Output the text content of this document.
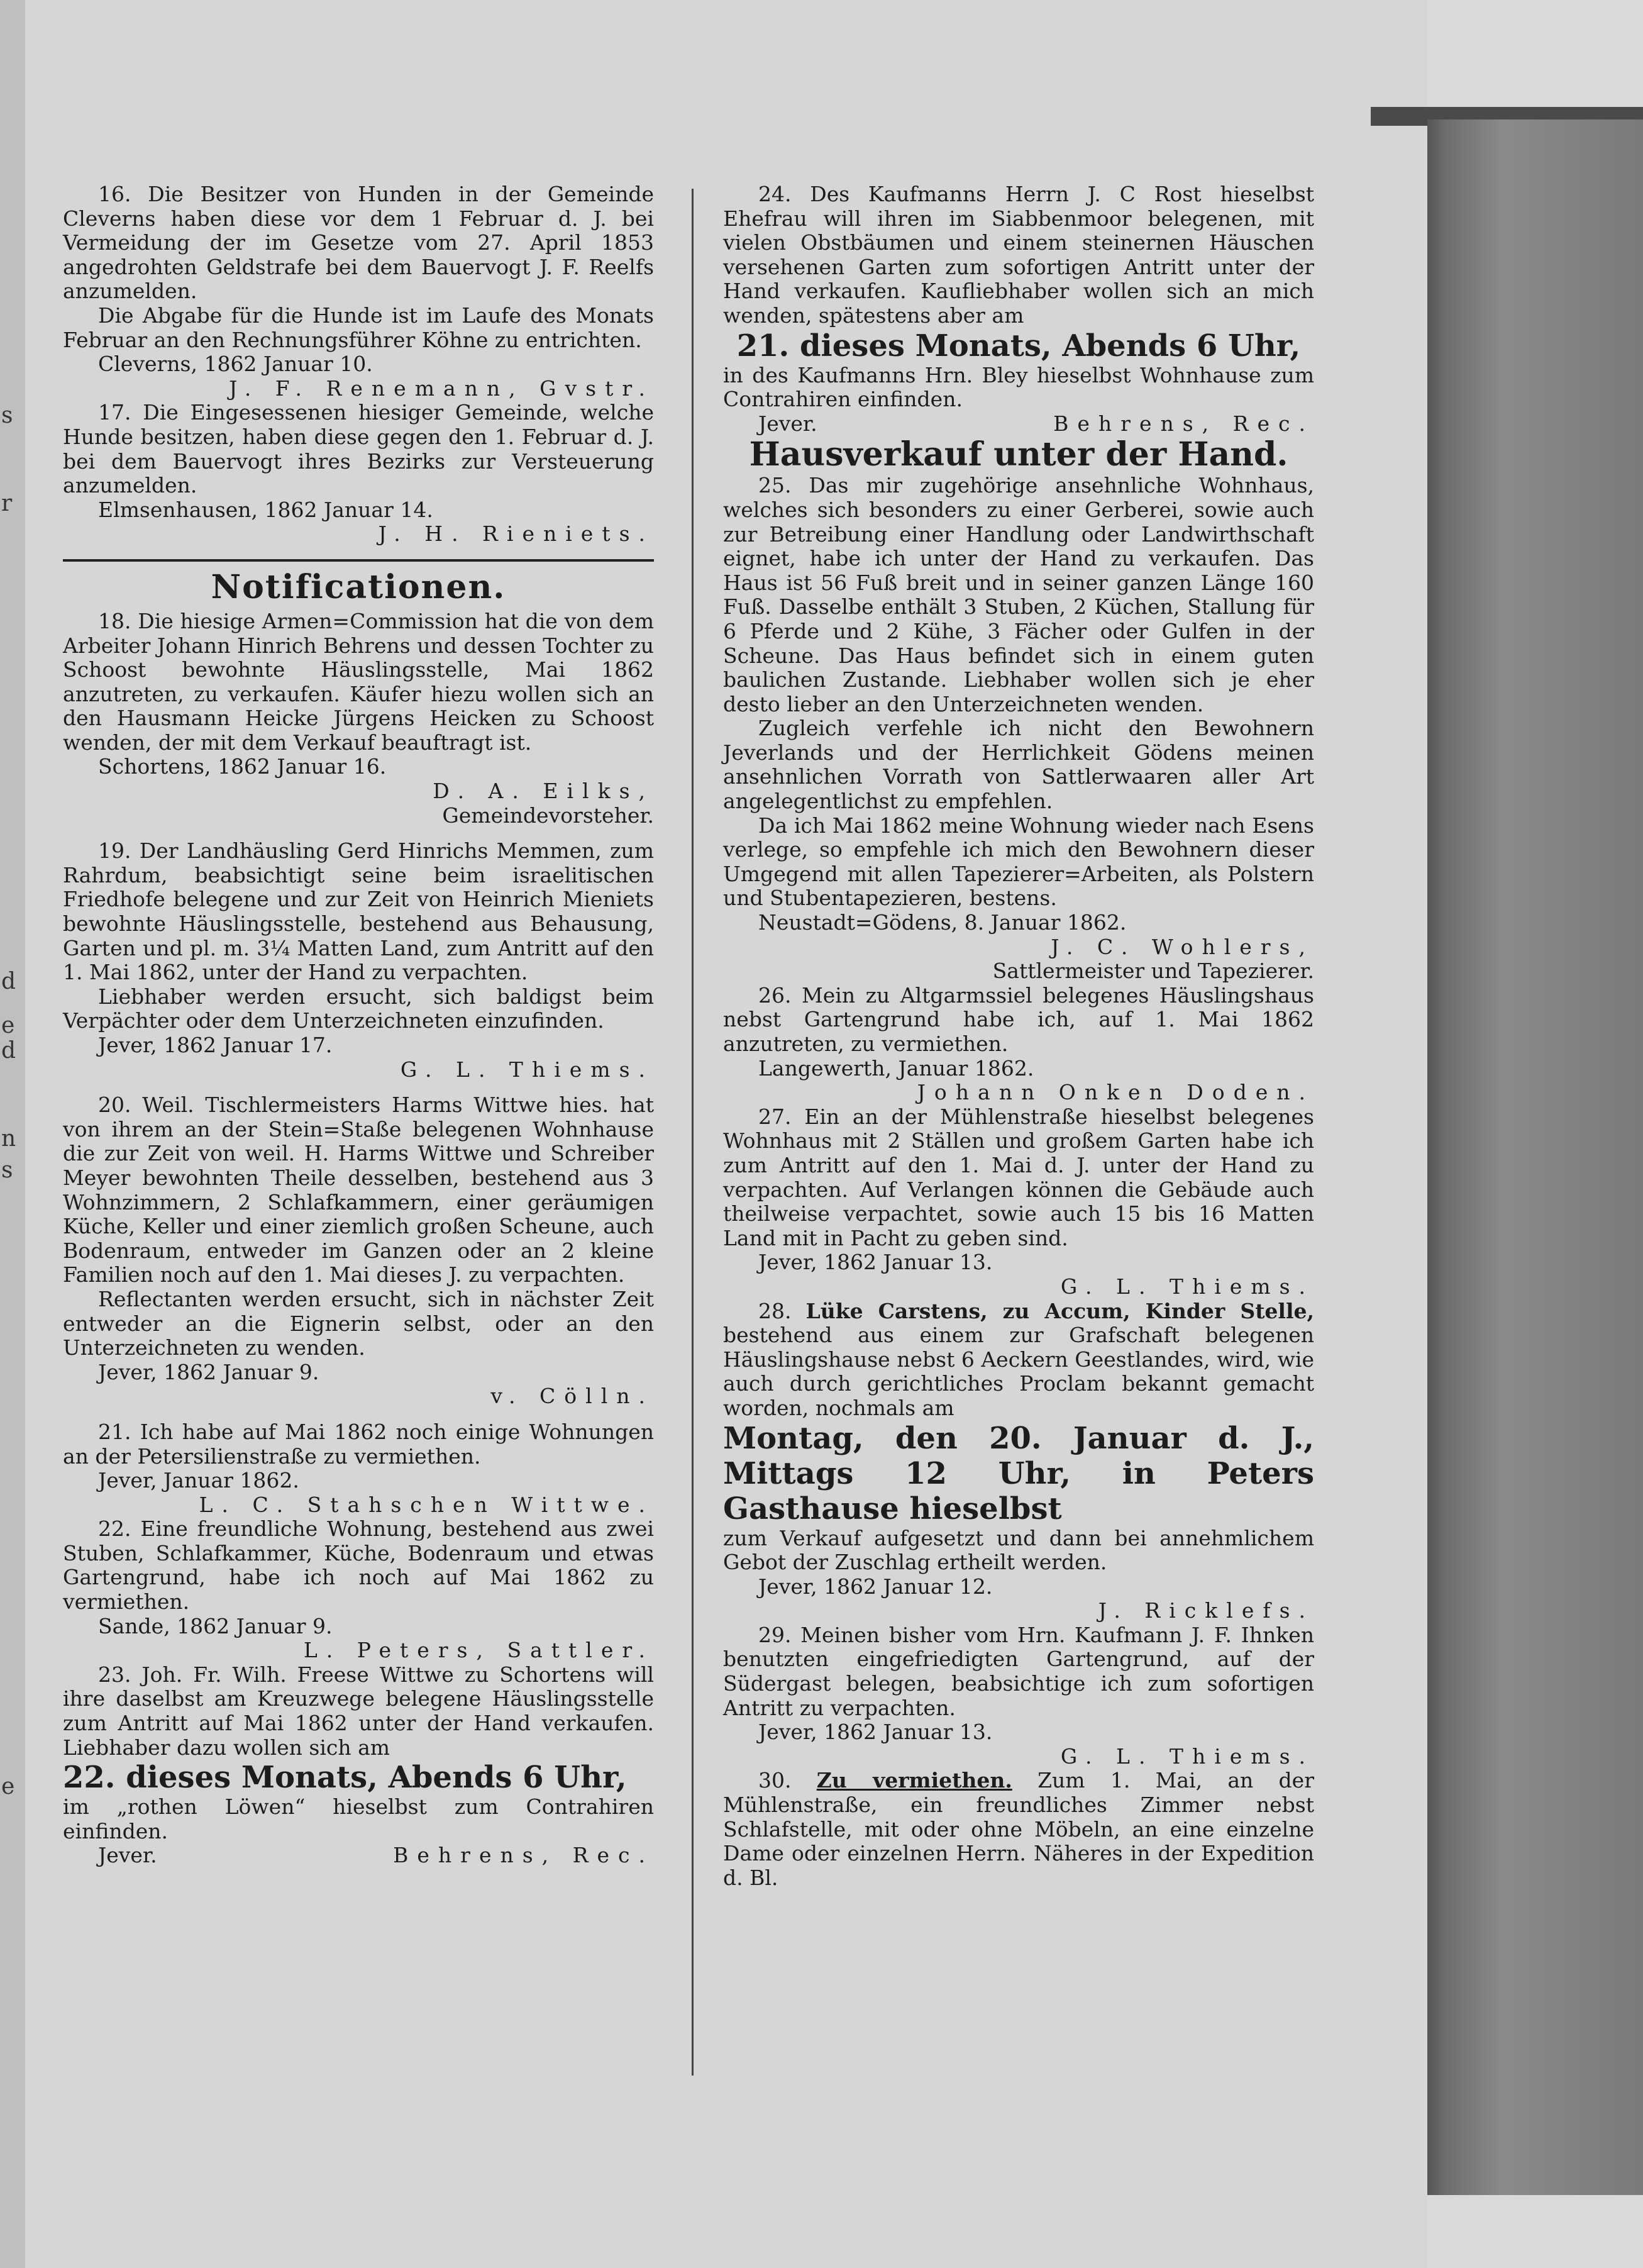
s
r
d
e
d
n
s
e

16. Die Besitzer von Hunden in der Gemeinde Cleverns haben diese vor dem 1 Februar d. J. bei Vermeidung der im Gesetze vom 27. April 1853 angedrohten Geldstrafe bei dem Bauervogt J. F. Reelfs anzumelden.

Die Abgabe für die Hunde ist im Laufe des Monats Februar an den Rechnungsführer Köhne zu entrichten.

Cleverns, 1862 Januar 10.

J. F. Renemann, Gvstr.

17. Die Eingesessenen hiesiger Gemeinde, welche Hunde besitzen, haben diese gegen den 1. Februar d. J. bei dem Bauervogt ihres Bezirks zur Versteuerung anzumelden.

Elmsenhausen, 1862 Januar 14.

J. H. Rieniets.

Notificationen.

18. Die hiesige Armen=Commission hat die von dem Arbeiter Johann Hinrich Behrens und dessen Tochter zu Schoost bewohnte Häuslingsstelle, Mai 1862 anzutreten, zu verkaufen. Käufer hiezu wollen sich an den Hausmann Heicke Jürgens Heicken zu Schoost wenden, der mit dem Verkauf beauftragt ist.

Schortens, 1862 Januar 16.

D. A. Eilks,

Gemeindevorsteher.

19. Der Landhäusling Gerd Hinrichs Memmen, zum Rahrdum, beabsichtigt seine beim israelitischen Friedhofe belegene und zur Zeit von Heinrich Mieniets bewohnte Häuslingsstelle, bestehend aus Behausung, Garten und pl. m. 3¼ Matten Land, zum Antritt auf den 1. Mai 1862, unter der Hand zu verpachten.

Liebhaber werden ersucht, sich baldigst beim Verpächter oder dem Unterzeichneten einzufinden.

Jever, 1862 Januar 17.

G. L. Thiems.

20. Weil. Tischlermeisters Harms Wittwe hies. hat von ihrem an der Stein=Staße belegenen Wohnhause die zur Zeit von weil. H. Harms Wittwe und Schreiber Meyer bewohnten Theile desselben, bestehend aus 3 Wohnzimmern, 2 Schlafkammern, einer geräumigen Küche, Keller und einer ziemlich großen Scheune, auch Bodenraum, entweder im Ganzen oder an 2 kleine Familien noch auf den 1. Mai dieses J. zu verpachten.

Reflectanten werden ersucht, sich in nächster Zeit entweder an die Eignerin selbst, oder an den Unterzeichneten zu wenden.

Jever, 1862 Januar 9.

v. Cölln.

21. Ich habe auf Mai 1862 noch einige Wohnungen an der Petersilienstraße zu vermiethen.

Jever, Januar 1862.

L. C. Stahschen Wittwe.

22. Eine freundliche Wohnung, bestehend aus zwei Stuben, Schlafkammer, Küche, Bodenraum und etwas Gartengrund, habe ich noch auf Mai 1862 zu vermiethen.

Sande, 1862 Januar 9.

L. Peters, Sattler.

23. Joh. Fr. Wilh. Freese Wittwe zu Schortens will ihre daselbst am Kreuzwege belegene Häuslingsstelle zum Antritt auf Mai 1862 unter der Hand verkaufen. Liebhaber dazu wollen sich am

22. dieses Monats, Abends 6 Uhr,

im „rothen Löwen“ hieselbst zum Contrahiren einfinden.

Jever.	Behrens, Rec.

24. Des Kaufmanns Herrn J. C Rost hieselbst Ehefrau will ihren im Siabbenmoor belegenen, mit vielen Obstbäumen und einem steinernen Häuschen versehenen Garten zum sofortigen Antritt unter der Hand verkaufen. Kaufliebhaber wollen sich an mich wenden, spätestens aber am

21. dieses Monats, Abends 6 Uhr,

in des Kaufmanns Hrn. Bley hieselbst Wohnhause zum Contrahiren einfinden.

Jever.	Behrens, Rec.

Hausverkauf unter der Hand.

25. Das mir zugehörige ansehnliche Wohnhaus, welches sich besonders zu einer Gerberei, sowie auch zur Betreibung einer Handlung oder Landwirthschaft eignet, habe ich unter der Hand zu verkaufen. Das Haus ist 56 Fuß breit und in seiner ganzen Länge 160 Fuß. Dasselbe enthält 3 Stuben, 2 Küchen, Stallung für 6 Pferde und 2 Kühe, 3 Fächer oder Gulfen in der Scheune. Das Haus befindet sich in einem guten baulichen Zustande. Liebhaber wollen sich je eher desto lieber an den Unterzeichneten wenden.

Zugleich verfehle ich nicht den Bewohnern Jeverlands und der Herrlichkeit Gödens meinen ansehnlichen Vorrath von Sattlerwaaren aller Art angelegentlichst zu empfehlen.

Da ich Mai 1862 meine Wohnung wieder nach Esens verlege, so empfehle ich mich den Bewohnern dieser Umgegend mit allen Tapezierer=Arbeiten, als Polstern und Stubentapezieren, bestens.

Neustadt=Gödens, 8. Januar 1862.

J. C. Wohlers,

Sattlermeister und Tapezierer.

26. Mein zu Altgarmssiel belegenes Häuslingshaus nebst Gartengrund habe ich, auf 1. Mai 1862 anzutreten, zu vermiethen.

Langewerth, Januar 1862.

Johann Onken Doden.

27. Ein an der Mühlenstraße hieselbst belegenes Wohnhaus mit 2 Ställen und großem Garten habe ich zum Antritt auf den 1. Mai d. J. unter der Hand zu verpachten. Auf Verlangen können die Gebäude auch theilweise verpachtet, sowie auch 15 bis 16 Matten Land mit in Pacht zu geben sind.

Jever, 1862 Januar 13.

G. L. Thiems.

28. Lüke Carstens, zu Accum, Kinder Stelle, bestehend aus einem zur Grafschaft belegenen Häuslingshause nebst 6 Aeckern Geestlandes, wird, wie auch durch gerichtliches Proclam bekannt gemacht worden, nochmals am

Montag, den 20. Januar d. J., Mittags 12 Uhr, in Peters Gasthause hieselbst

zum Verkauf aufgesetzt und dann bei annehmlichem Gebot der Zuschlag ertheilt werden.

Jever, 1862 Januar 12.

J. Ricklefs.

29. Meinen bisher vom Hrn. Kaufmann J. F. Ihnken benutzten eingefriedigten Gartengrund, auf der Südergast belegen, beabsichtige ich zum sofortigen Antritt zu verpachten.

Jever, 1862 Januar 13.

G. L. Thiems.

30. Zu vermiethen. Zum 1. Mai, an der Mühlenstraße, ein freundliches Zimmer nebst Schlafstelle, mit oder ohne Möbeln, an eine einzelne Dame oder einzelnen Herrn. Näheres in der Expedition d. Bl.
